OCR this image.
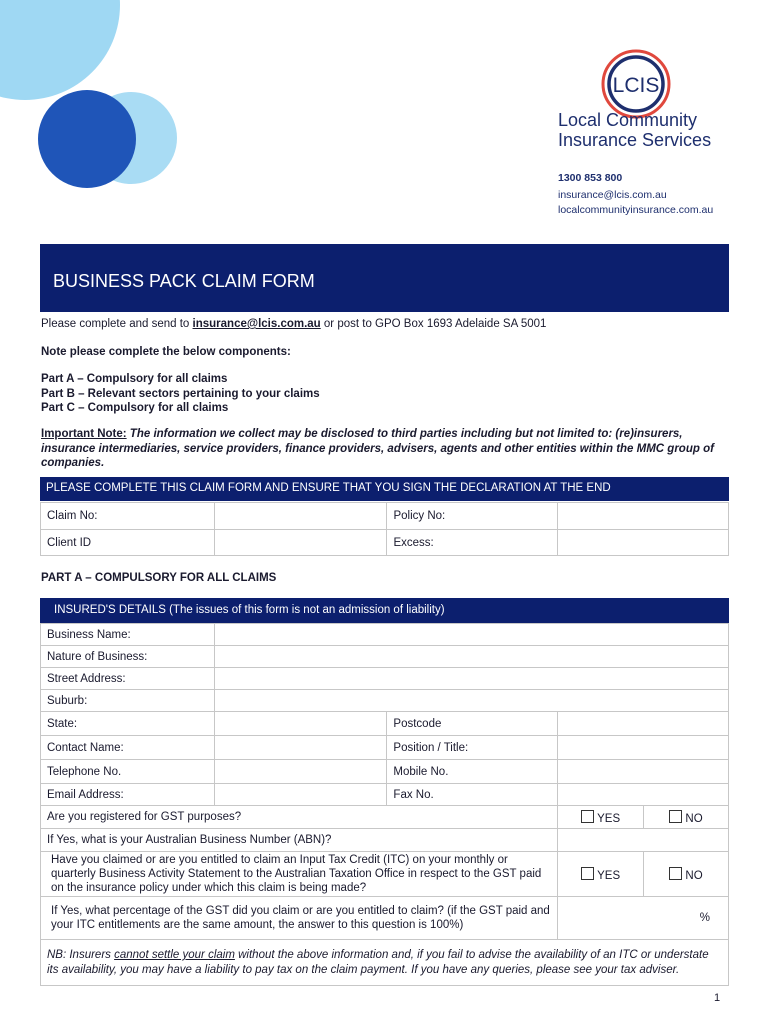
LCIS
Local Community
Insurance Services
1300 853 800
insurance@lcis.com.au
localcommunityinsurance.com.au
BUSINESS PACK CLAIM FORM
Please complete and send to insurance@lcis.com.au or post to GPO Box 1693 Adelaide SA 5001
Note please complete the below components:
Part A – Compulsory for all claims
Part B – Relevant sectors pertaining to your claims
Part C – Compulsory for all claims
Important Note: The information we collect may be disclosed to third parties including but not limited to: (re)insurers, insurance intermediaries, service providers, finance providers, advisers, agents and other entities within the MMC group of companies.
PLEASE COMPLETE THIS CLAIM FORM AND ENSURE THAT YOU SIGN THE DECLARATION AT THE END
Claim No:		Policy No:	
Client ID		Excess:	
PART A – COMPULSORY FOR ALL CLAIMS
INSURED'S DETAILS (The issues of this form is not an admission of liability)
Business Name:				
Nature of Business:				
Street Address:				
Suburb:				
State:		Postcode		
Contact Name:		Position / Title:		
Telephone No.		Mobile No.		
Email Address:		Fax No.		
Are you registered for GST purposes?			YES	NO
If Yes, what is your Australian Business Number (ABN)?				
Have you claimed or are you entitled to claim an Input Tax Credit (ITC) on your monthly or quarterly Business Activity Statement to the Australian Taxation Office in respect to the GST paid on the insurance policy under which this claim is being made?			YES	NO
If Yes, what percentage of the GST did you claim or are you entitled to claim? (if the GST paid and your ITC entitlements are the same amount, the answer to this question is 100%)			%	
NB: Insurers cannot settle your claim without the above information and, if you fail to advise the availability of an ITC or understate its availability, you may have a liability to pay tax on the claim payment. If you have any queries, please see your tax adviser.				
1
